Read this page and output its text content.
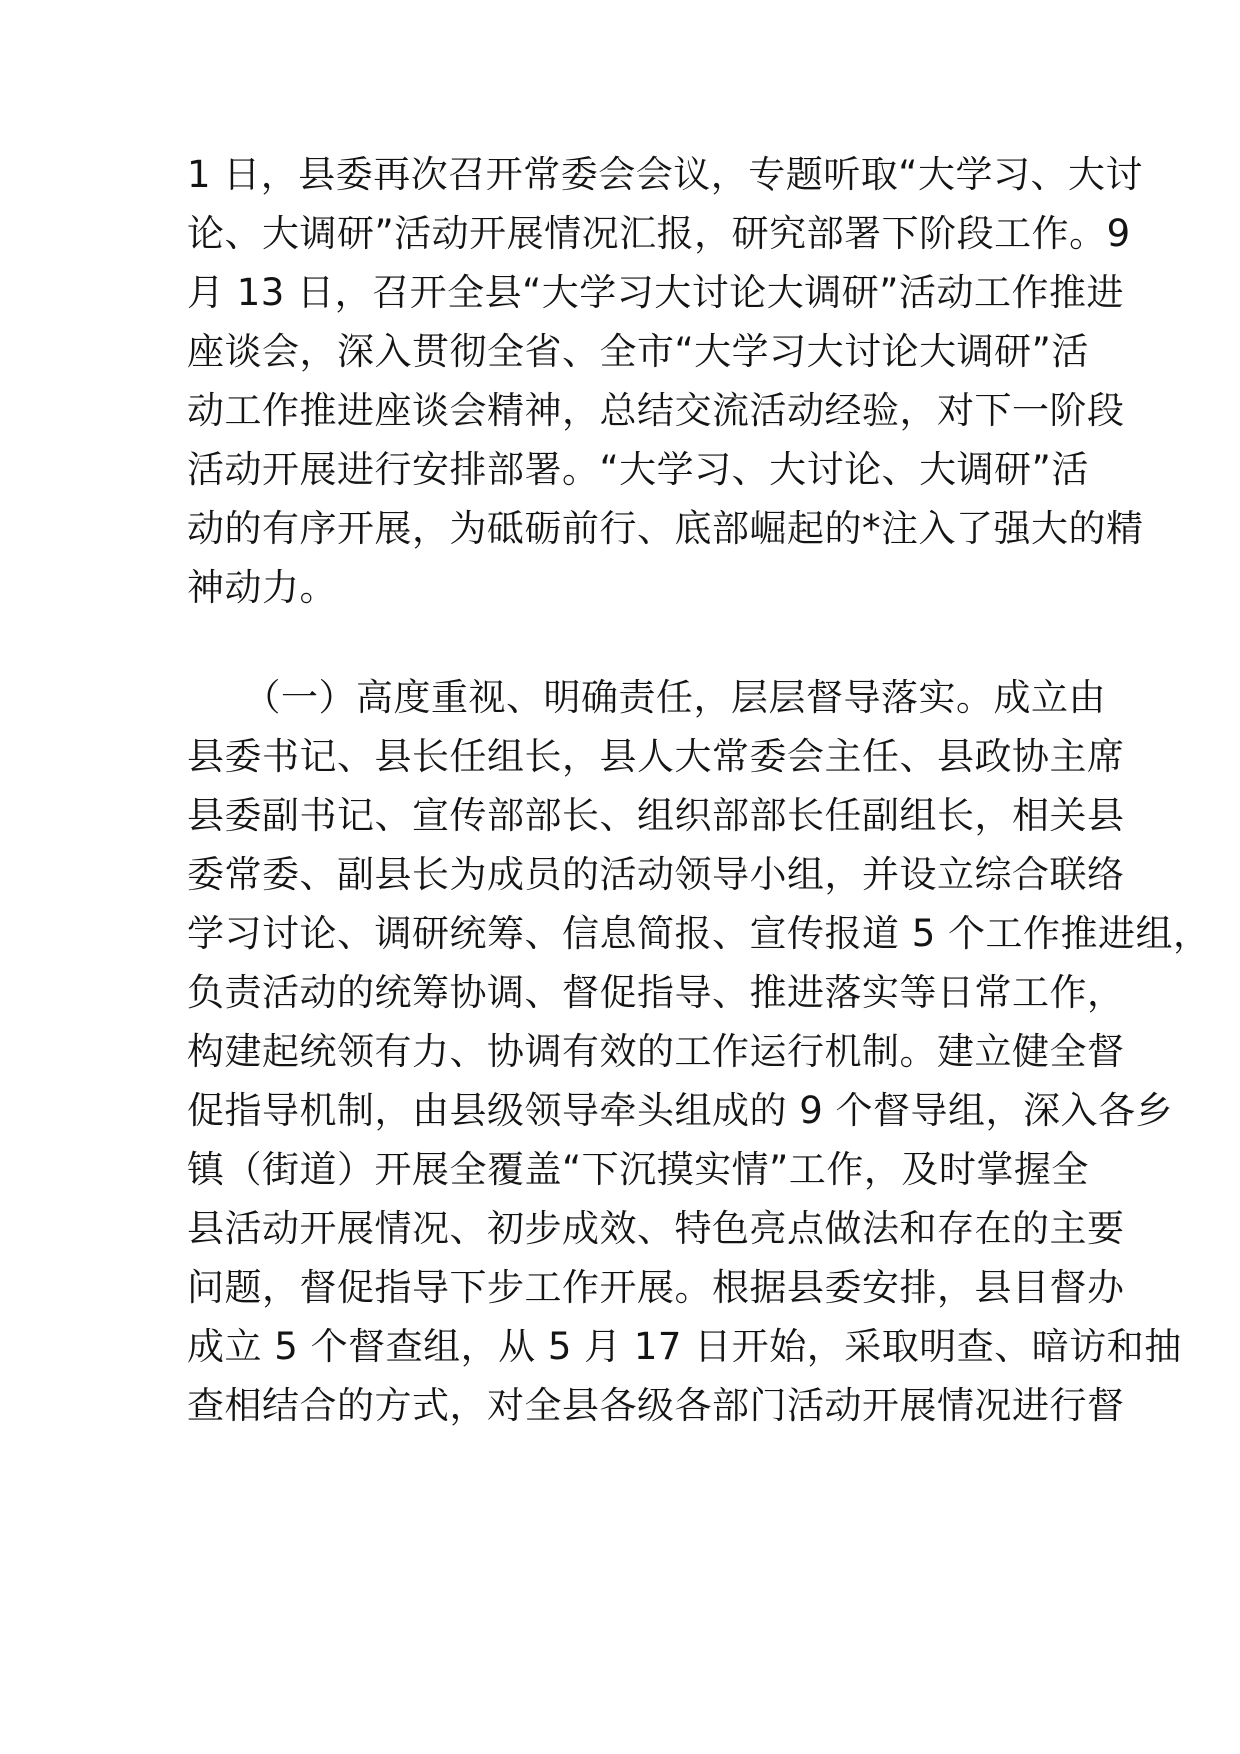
1 日，县委再次召开常委会会议，专题听取“大学习、大讨
论、大调研”活动开展情况汇报，研究部署下阶段工作。9
月 13 日，召开全县“大学习大讨论大调研”活动工作推进
座谈会，深入贯彻全省、全市“大学习大讨论大调研”活
动工作推进座谈会精神，总结交流活动经验，对下一阶段
活动开展进行安排部署。“大学习、大讨论、大调研”活
动的有序开展，为砥砺前行、底部崛起的*注入了强大的精
神动力。
　　（一）高度重视、明确责任，层层督导落实。成立由
县委书记、县长任组长，县人大常委会主任、县政协主席
县委副书记、宣传部部长、组织部部长任副组长，相关县
委常委、副县长为成员的活动领导小组，并设立综合联络
学习讨论、调研统筹、信息简报、宣传报道 5 个工作推进组，
负责活动的统筹协调、督促指导、推进落实等日常工作，
构建起统领有力、协调有效的工作运行机制。建立健全督
促指导机制，由县级领导牵头组成的 9 个督导组，深入各乡
镇（街道）开展全覆盖“下沉摸实情”工作，及时掌握全
县活动开展情况、初步成效、特色亮点做法和存在的主要
问题，督促指导下步工作开展。根据县委安排，县目督办
成立 5 个督查组，从 5 月 17 日开始，采取明查、暗访和抽
查相结合的方式，对全县各级各部门活动开展情况进行督
